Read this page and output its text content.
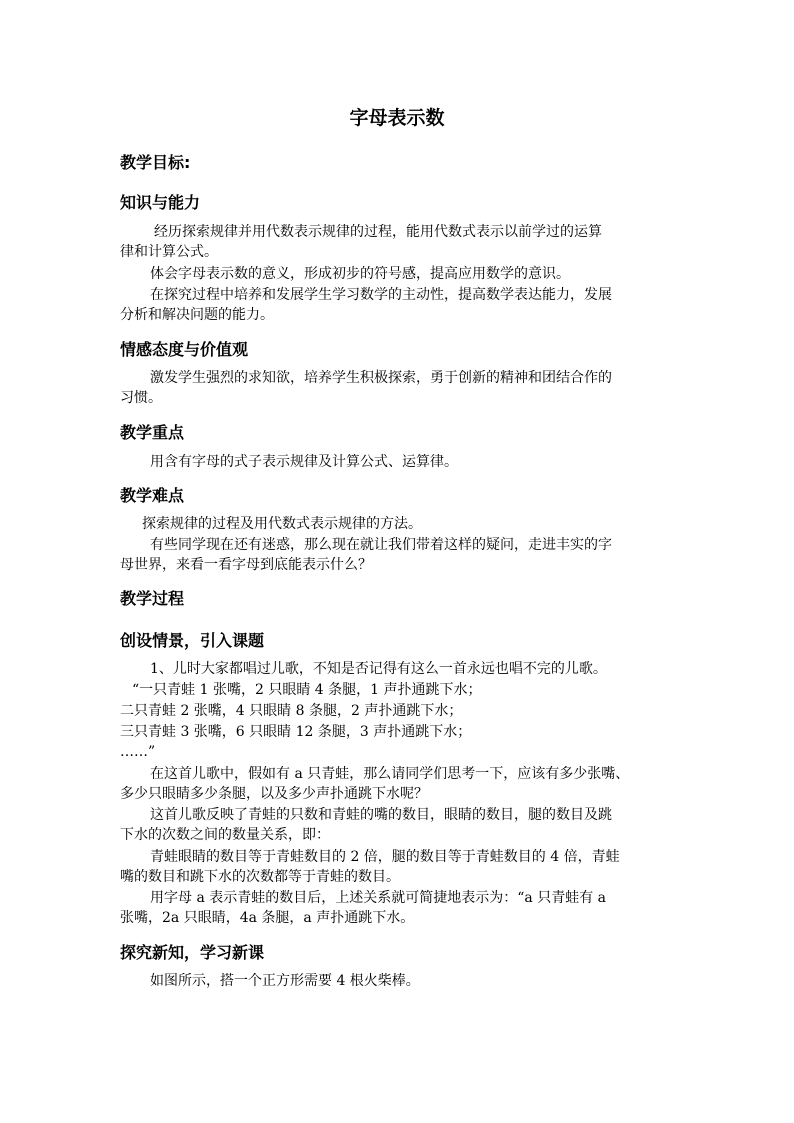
字母表示数
教学目标:
知识与能力
经历探索规律并用代数表示规律的过程，能用代数式表示以前学过的运算
律和计算公式。
体会字母表示数的意义，形成初步的符号感，提高应用数学的意识。
在探究过程中培养和发展学生学习数学的主动性，提高数学表达能力，发展
分析和解决问题的能力。
情感态度与价值观
激发学生强烈的求知欲，培养学生积极探索，勇于创新的精神和团结合作的
习惯。
教学重点
用含有字母的式子表示规律及计算公式、运算律。
教学难点
探索规律的过程及用代数式表示规律的方法。
有些同学现在还有迷惑，那么现在就让我们带着这样的疑问，走进丰实的字
母世界，来看一看字母到底能表示什么？
教学过程
创设情景，引入课题
1、儿时大家都唱过儿歌，不知是否记得有这么一首永远也唱不完的儿歌。
“一只青蛙 1 张嘴，2 只眼睛 4 条腿，1 声扑通跳下水；
二只青蛙 2 张嘴，4 只眼睛 8 条腿，2 声扑通跳下水；
三只青蛙 3 张嘴，6 只眼睛 12 条腿，3 声扑通跳下水；
……”
在这首儿歌中，假如有 a 只青蛙，那么请同学们思考一下，应该有多少张嘴、
多少只眼睛多少条腿，以及多少声扑通跳下水呢？
这首儿歌反映了青蛙的只数和青蛙的嘴的数目，眼睛的数目，腿的数目及跳
下水的次数之间的数量关系，即：
青蛙眼睛的数目等于青蛙数目的 2 倍，腿的数目等于青蛙数目的 4 倍，青蛙
嘴的数目和跳下水的次数都等于青蛙的数目。
用字母 a 表示青蛙的数目后，上述关系就可简捷地表示为：“a 只青蛙有 a
张嘴，2a 只眼睛，4a 条腿，a 声扑通跳下水。
探究新知，学习新课
如图所示，搭一个正方形需要 4 根火柴棒。
